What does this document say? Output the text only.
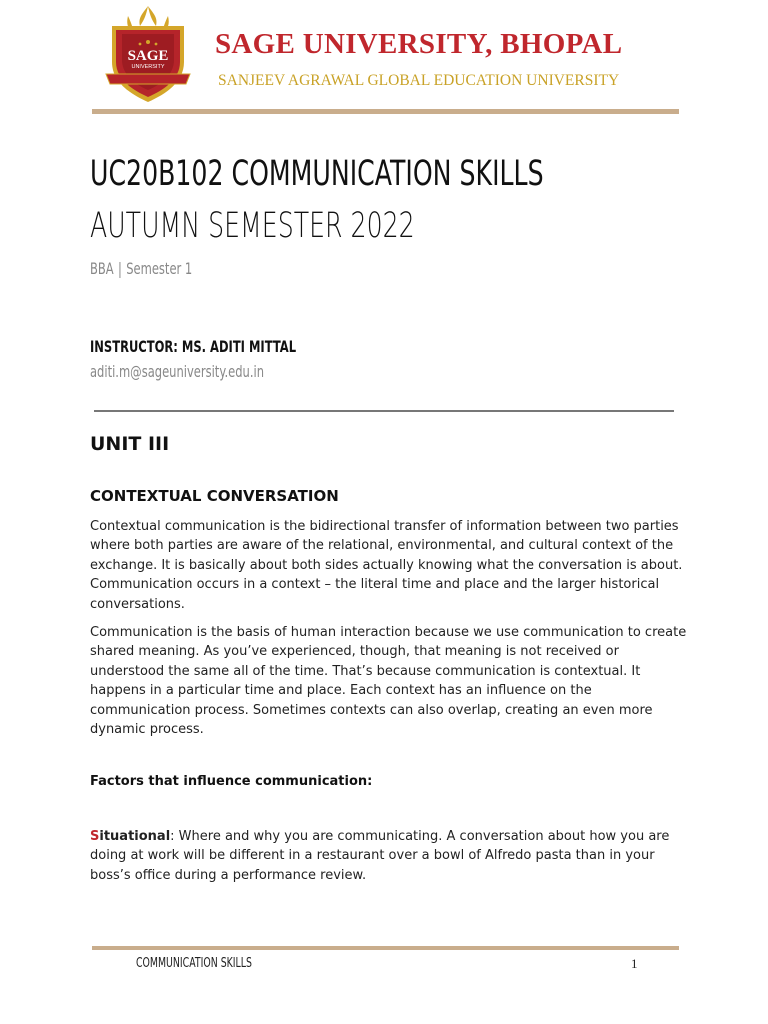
SAGE
UNIVERSITY
SAGE UNIVERSITY, BHOPAL
SANJEEV AGRAWAL GLOBAL EDUCATION UNIVERSITY
UC20B102 COMMUNICATION SKILLS
AUTUMN SEMESTER 2022
BBA | Semester 1
INSTRUCTOR: MS. ADITI MITTAL
aditi.m@sageuniversity.edu.in
UNIT III
CONTEXTUAL CONVERSATION
Contextual communication is the bidirectional transfer of information between two parties where both parties are aware of the relational, environmental, and cultural context of the exchange. It is basically about both sides actually knowing what the conversation is about. Communication occurs in a context – the literal time and place and the larger historical conversations.
Communication is the basis of human interaction because we use communication to create shared meaning. As you’ve experienced, though, that meaning is not received or understood the same all of the time. That’s because communication is contextual. It happens in a particular time and place. Each context has an influence on the communication process. Sometimes contexts can also overlap, creating an even more dynamic process.
Factors that influence communication:
Situational: Where and why you are communicating. A conversation about how you are doing at work will be different in a restaurant over a bowl of Alfredo pasta than in your boss’s office during a performance review.
COMMUNICATION SKILLS	1
